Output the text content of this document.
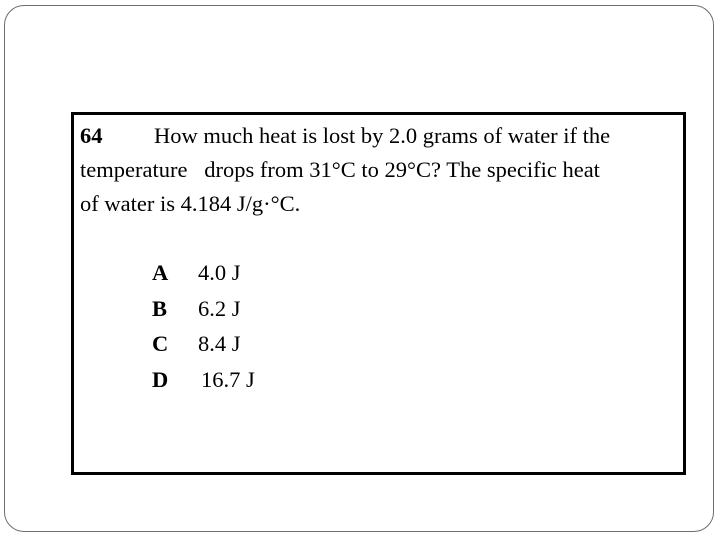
64 How much heat is lost by 2.0 grams of water if the
temperature   drops from 31°C to 29°C? The specific heat
of water is 4.184 J/g·°C.

A	4.0 J
B	6.2 J
C	8.4 J
D	16.7 J
